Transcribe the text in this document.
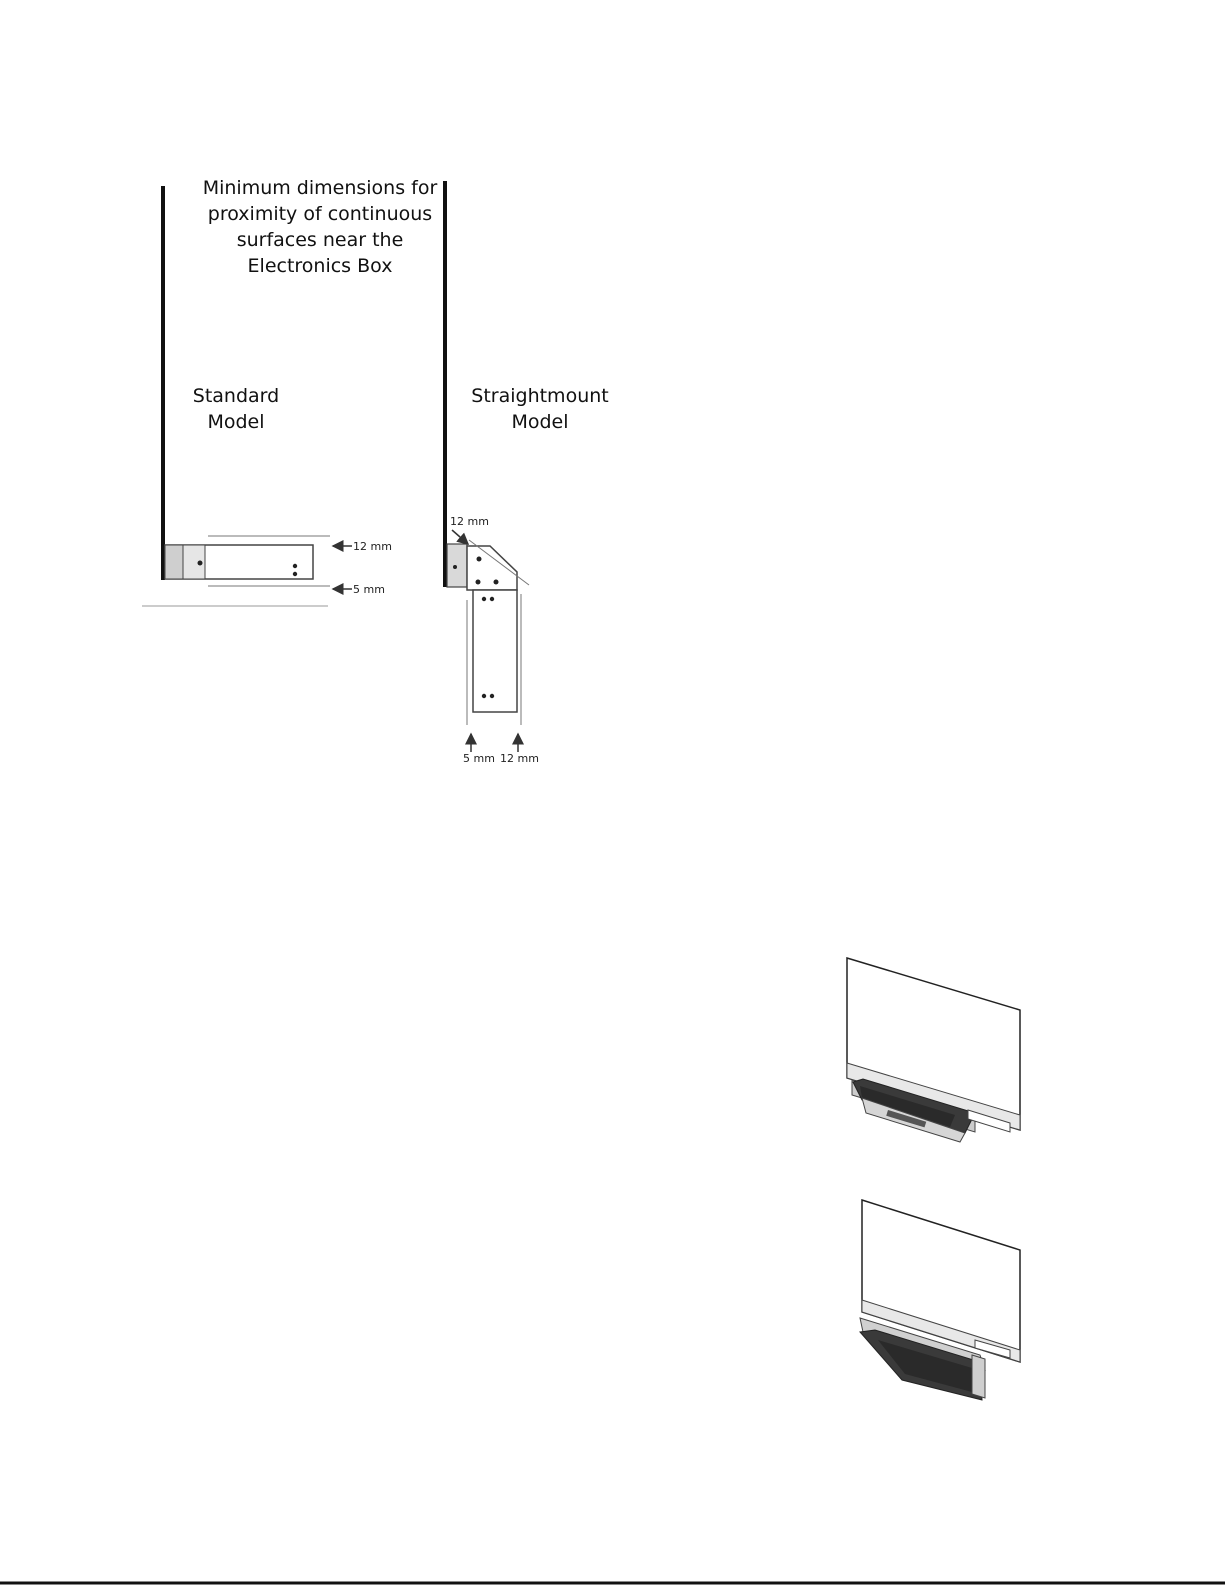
Minimum dimensions for
proximity of continuous
surfaces near the
Electronics Box
Standard
Model
12 mm
5 mm
Straightmount
Model
12 mm
5 mm 12 mm
